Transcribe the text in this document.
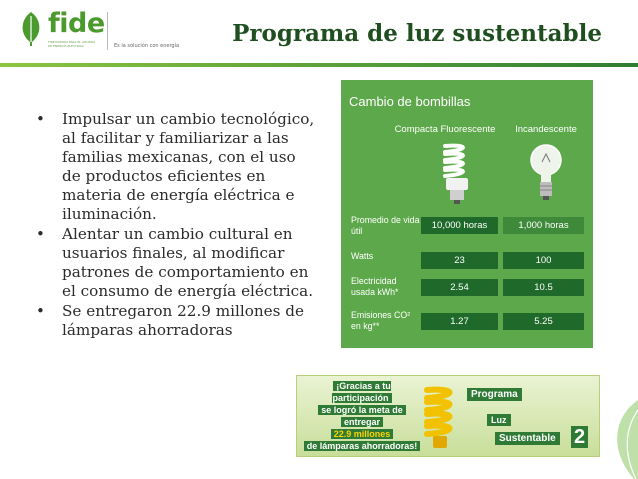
fide
FIDEICOMISO PARA EL AHORRO DE ENERGÍA ELÉCTRICA	Es la solución con energía Programa de luz sustentable
• Impulsar un cambio tecnológico, al facilitar y familiarizar a las familias mexicanas, con el uso de productos eficientes en materia de energía eléctrica e iluminación.
• Alentar un cambio cultural en usuarios finales, al modificar patrones de comportamiento en el consumo de energía eléctrica.
• Se entregaron 22.9 millones de lámparas ahorradoras
Cambio de bombillas
Compacta Fluorescente	Incandescente
Promedio de vida útil	10,000 horas	1,000 horas
Watts	23	100
Electricidad usada kWh*	2.54	10.5
Emisiones CO² en kg**	1.27	5.25
¡Gracias a tu participación
se logró la meta de
entregar
22.9 millones
de lámparas ahorradoras!
Programa
Luz
Sustentable 2
